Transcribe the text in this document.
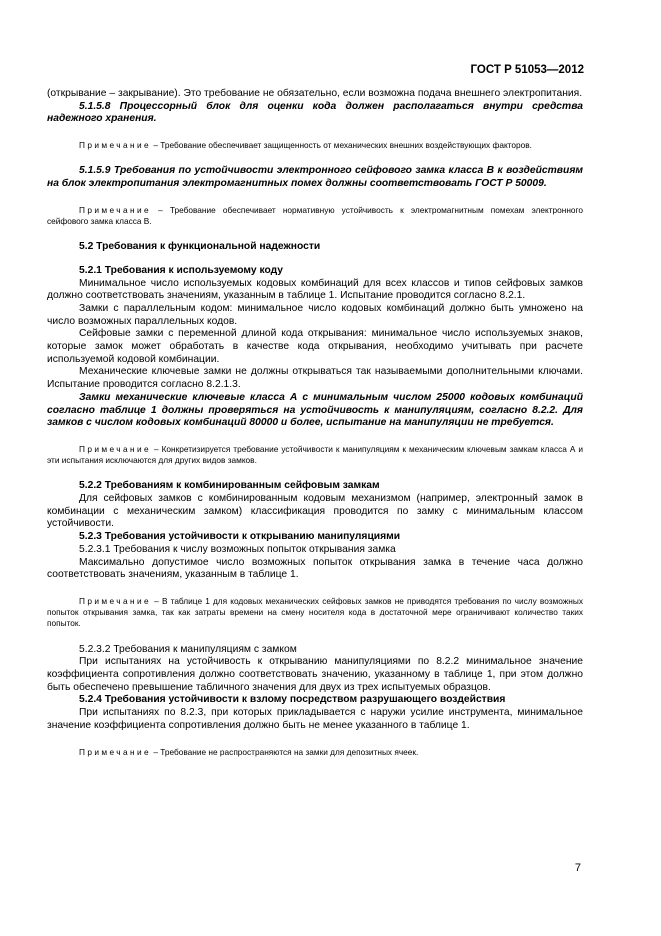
ГОСТ Р 51053—2012

(открывание – закрывание). Это требование не обязательно, если возможна подача внешнего электропитания.

5.1.5.8 Процессорный блок для оценки кода должен располагаться внутри средства надежного хранения.

Примечание – Требование обеспечивает защищенность от механических внешних воздействующих факторов.

5.1.5.9 Требования по устойчивости электронного сейфового замка класса В к воздействиям на блок электропитания электромагнитных помех должны соответствовать ГОСТ Р 50009.

Примечание – Требование обеспечивает нормативную устойчивость к электромагнитным помехам электронного сейфового замка класса В.

5.2 Требования к функциональной надежности

5.2.1 Требования к используемому коду

Минимальное число используемых кодовых комбинаций для всех классов и типов сейфовых замков должно соответствовать значениям, указанным в таблице 1. Испытание проводится согласно 8.2.1.

Замки с параллельным кодом: минимальное число кодовых комбинаций должно быть умножено на число возможных параллельных кодов.

Сейфовые замки с переменной длиной кода открывания: минимальное число используемых знаков, которые замок может обработать в качестве кода открывания, необходимо учитывать при расчете используемой кодовой комбинации.

Механические ключевые замки не должны открываться так называемыми дополнительными ключами. Испытание проводится согласно 8.2.1.3.

Замки механические ключевые класса А с минимальным числом 25000 кодовых комбинаций согласно таблице 1 должны проверяться на устойчивость к манипуляциям, согласно 8.2.2. Для замков с числом кодовых комбинаций 80000 и более, испытание на манипуляции не требуется.

Примечание – Конкретизируется требование устойчивости к манипуляциям к механическим ключевым замкам класса А и эти испытания исключаются для других видов замков.

5.2.2 Требованиям к комбинированным сейфовым замкам

Для сейфовых замков с комбинированным кодовым механизмом (например, электронный замок в комбинации с механическим замком) классификация проводится по замку с минимальным классом устойчивости.

5.2.3 Требования устойчивости к открыванию манипуляциями

5.2.3.1 Требования к числу возможных попыток открывания замка

Максимально допустимое число возможных попыток открывания замка в течение часа должно соответствовать значениям, указанным в таблице 1.

Примечание – В таблице 1 для кодовых механических сейфовых замков не приводятся требования по числу возможных попыток открывания замка, так как затраты времени на смену носителя кода в достаточной мере ограничивают количество таких попыток.

5.2.3.2 Требования к манипуляциям с замком

При испытаниях на устойчивость к открыванию манипуляциями по 8.2.2 минимальное значение коэффициента сопротивления должно соответствовать значению, указанному в таблице 1, при этом должно быть обеспечено превышение табличного значения для двух из трех испытуемых образцов.

5.2.4 Требования устойчивости к взлому посредством разрушающего воздействия

При испытаниях по 8.2.3, при которых прикладывается с наружи усилие инструмента, минимальное значение коэффициента сопротивления должно быть не менее указанного в таблице 1.

Примечание – Требование не распространяются на замки для депозитных ячеек.

7
